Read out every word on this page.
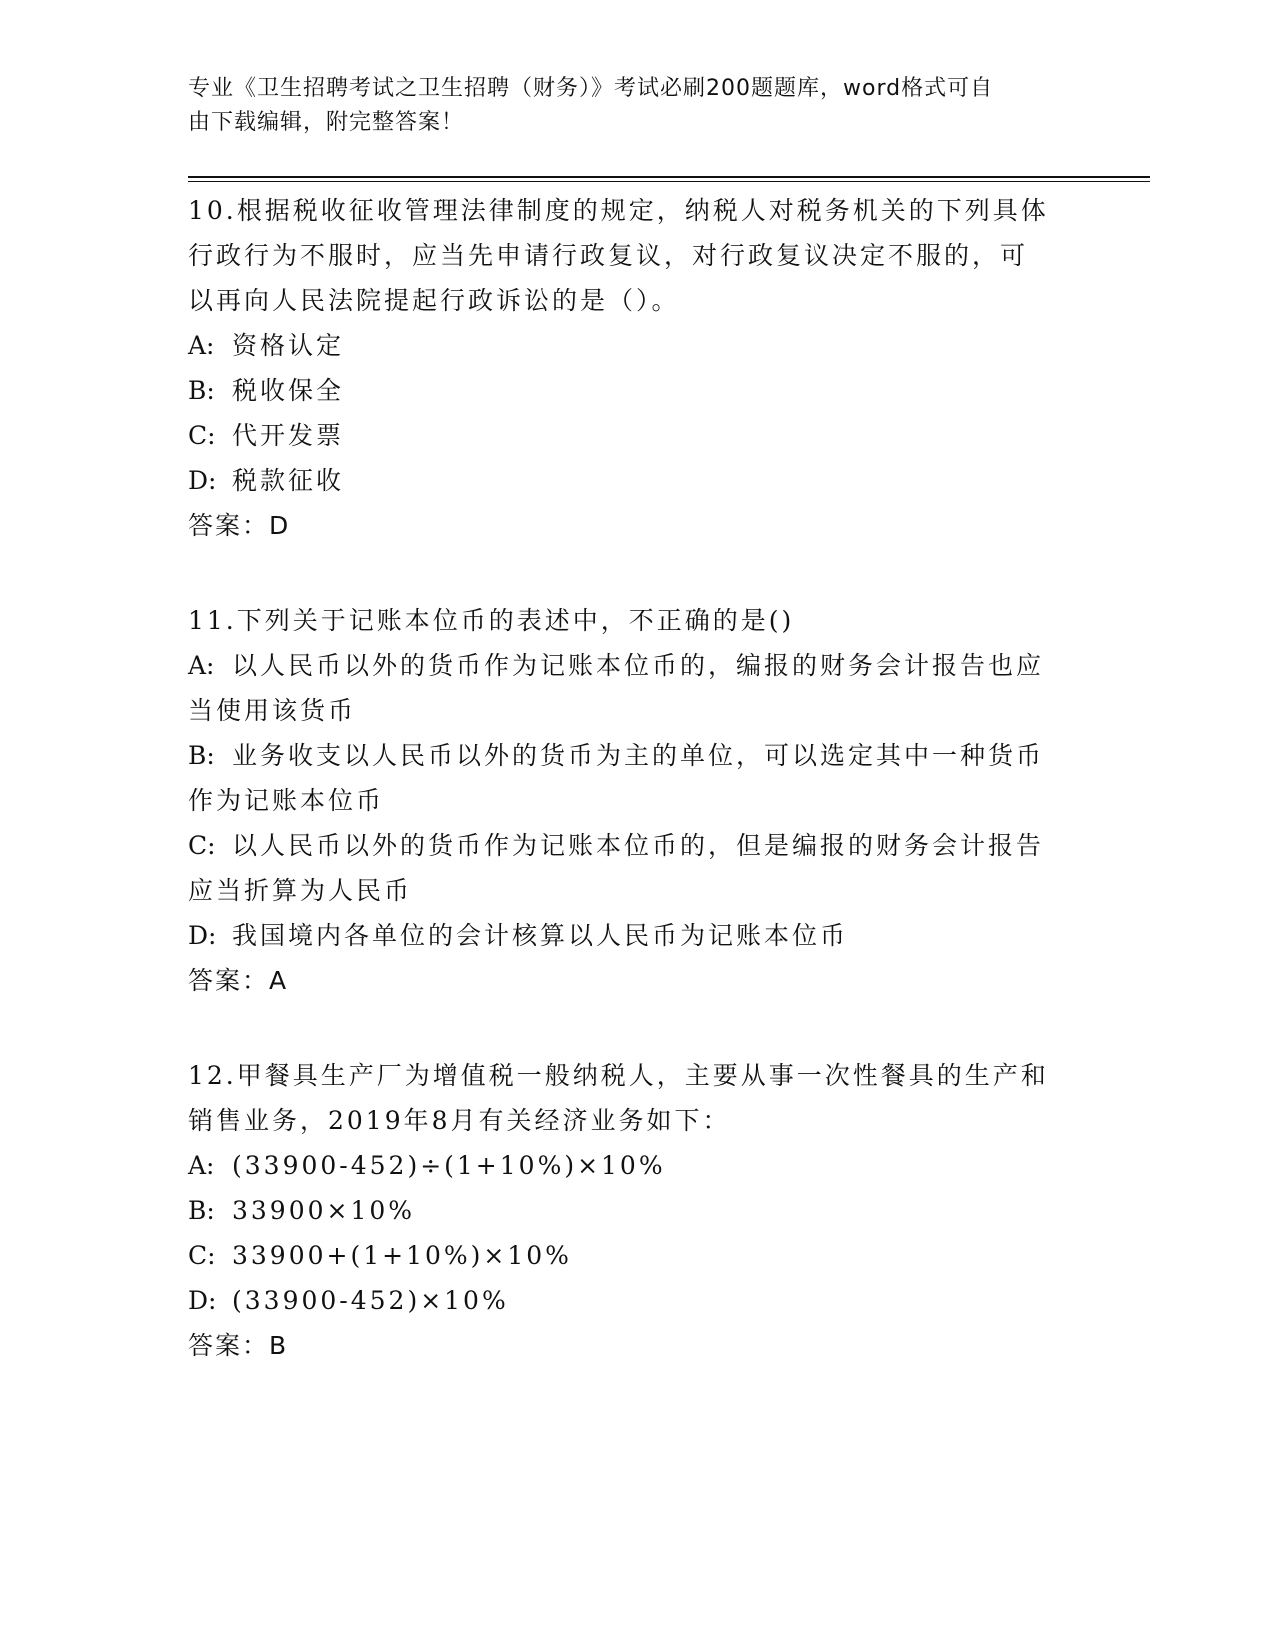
专业《卫生招聘考试之卫生招聘（财务）》考试必刷200题题库，word格式可自
由下载编辑，附完整答案！

10.根据税收征收管理法律制度的规定，纳税人对税务机关的下列具体

行政行为不服时，应当先申请行政复议，对行政复议决定不服的，可

以再向人民法院提起行政诉讼的是（）。

A: 资格认定

B: 税收保全

C: 代开发票

D: 税款征收

答案：D

11.下列关于记账本位币的表述中，不正确的是()

A: 以人民币以外的货币作为记账本位币的，编报的财务会计报告也应

当使用该货币

B: 业务收支以人民币以外的货币为主的单位，可以选定其中一种货币

作为记账本位币

C: 以人民币以外的货币作为记账本位币的，但是编报的财务会计报告

应当折算为人民币

D: 我国境内各单位的会计核算以人民币为记账本位币

答案：A

12.甲餐具生产厂为增值税一般纳税人，主要从事一次性餐具的生产和

销售业务，2019年8月有关经济业务如下：

A: (33900-452)÷(1+10%)×10%

B: 33900×10%

C: 33900+(1+10%)×10%

D: (33900-452)×10%

答案：B
